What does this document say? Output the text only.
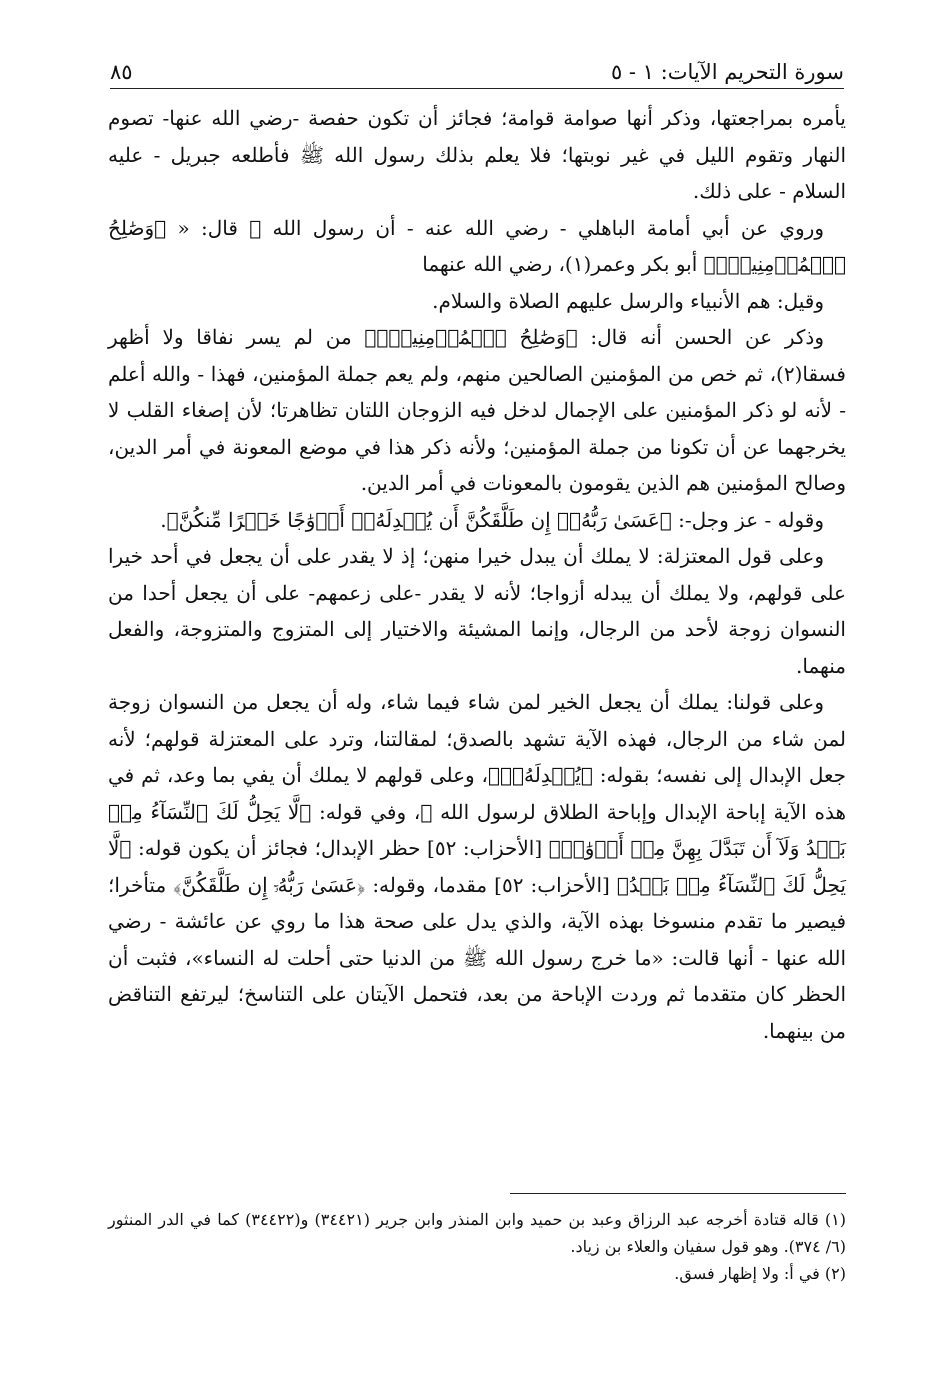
سورة التحريم الآيات: ١ - ٥
٨٥

يأمره بمراجعتها، وذكر أنها صوامة قوامة؛ فجائز أن تكون حفصة -رضي الله عنها- تصوم النهار وتقوم الليل في غير نوبتها؛ فلا يعلم بذلك رسول الله ﷺ فأطلعه جبريل - عليه السلام - على ذلك.

وروي عن أبي أمامة الباهلي - رضي الله عنه - أن رسول الله ﷺ قال: « ﴿وَصَٰلِحُ ٱلۡمُؤۡمِنِينَۖ﴾ أبو بكر وعمر(١)، رضي الله عنهما

وقيل: هم الأنبياء والرسل عليهم الصلاة والسلام.

وذكر عن الحسن أنه قال: ﴿وَصَٰلِحُ ٱلۡمُؤۡمِنِينَۖ﴾ من لم يسر نفاقا ولا أظهر فسقا(٢)، ثم خص من المؤمنين الصالحين منهم، ولم يعم جملة المؤمنين، فهذا - والله أعلم - لأنه لو ذكر المؤمنين على الإجمال لدخل فيه الزوجان اللتان تظاهرتا؛ لأن إصغاء القلب لا يخرجهما عن أن تكونا من جملة المؤمنين؛ ولأنه ذكر هذا في موضع المعونة في أمر الدين، وصالح المؤمنين هم الذين يقومون بالمعونات في أمر الدين.

وقوله - عز وجل-: ﴿عَسَىٰ رَبُّهُۥٓ إِن طَلَّقَكُنَّ أَن يُبۡدِلَهُۥٓ أَزۡوَٰجًا خَيۡرًا مِّنكُنَّ﴾.

وعلى قول المعتزلة: لا يملك أن يبدل خيرا منهن؛ إذ لا يقدر على أن يجعل في أحد خيرا على قولهم، ولا يملك أن يبدله أزواجا؛ لأنه لا يقدر -على زعمهم- على أن يجعل أحدا من النسوان زوجة لأحد من الرجال، وإنما المشيئة والاختيار إلى المتزوج والمتزوجة، والفعل منهما.

وعلى قولنا: يملك أن يجعل الخير لمن شاء فيما شاء، وله أن يجعل من النسوان زوجة لمن شاء من الرجال، فهذه الآية تشهد بالصدق؛ لمقالتنا، وترد على المعتزلة قولهم؛ لأنه جعل الإبدال إلى نفسه؛ بقوله: ﴿يُبۡدِلَهُۥٓ﴾، وعلى قولهم لا يملك أن يفي بما وعد، ثم في هذه الآية إباحة الإبدال وإباحة الطلاق لرسول الله ﷺ، وفي قوله: ﴿لَّا يَحِلُّ لَكَ ٱلنِّسَآءُ مِنۢ بَعۡدُ وَلَآ أَن تَبَدَّلَ بِهِنَّ مِنۡ أَزۡوَٰجٖ﴾ [الأحزاب: ٥٢] حظر الإبدال؛ فجائز أن يكون قوله: ﴿لَّا يَحِلُّ لَكَ ٱلنِّسَآءُ مِنۢ بَعۡدُ﴾ [الأحزاب: ٥٢] مقدما، وقوله: ﴿عَسَىٰ رَبُّهُۥٓ إِن طَلَّقَكُنَّ﴾ متأخرا؛ فيصير ما تقدم منسوخا بهذه الآية، والذي يدل على صحة هذا ما روي عن عائشة - رضي الله عنها - أنها قالت: «ما خرج رسول الله ﷺ من الدنيا حتى أحلت له النساء»، فثبت أن الحظر كان متقدما ثم وردت الإباحة من بعد، فتحمل الآيتان على التناسخ؛ ليرتفع التناقض من بينهما.

(١) قاله قتادة أخرجه عبد الرزاق وعبد بن حميد وابن المنذر وابن جرير (٣٤٤٢١) و(٣٤٤٢٢) كما في الدر المنثور (٦/ ٣٧٤). وهو قول سفيان والعلاء بن زياد.

(٢) في أ: ولا إظهار فسق.
